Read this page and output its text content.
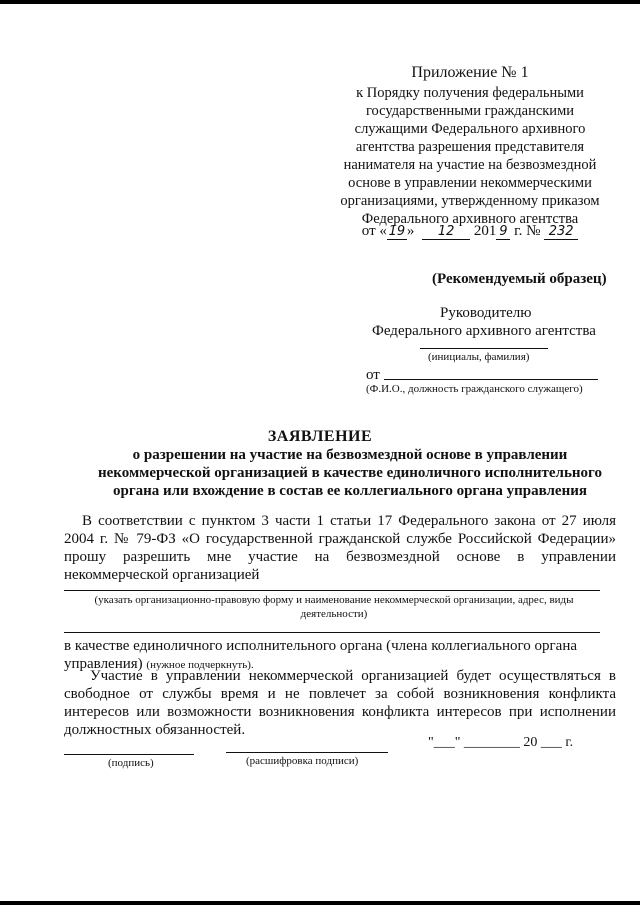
Приложение № 1
к Порядку получения федеральными
государственными гражданскими
служащими Федерального архивного
агентства разрешения представителя
нанимателя на участие на безвозмездной
основе в управлении некоммерческими
организациями, утвержденному приказом
Федерального архивного агентства
от « 19 » 12 201 9 г. № 232
(Рекомендуемый образец)
Руководителю
Федерального архивного агентства
(инициалы, фамилия)
от
(Ф.И.О., должность гражданского служащего)
ЗАЯВЛЕНИЕ
о разрешении на участие на безвозмездной основе в управлении некоммерческой организацией в качестве единоличного исполнительного органа или вхождение в состав ее коллегиального органа управления
В соответствии с пунктом 3 части 1 статьи 17 Федерального закона от 27 июля 2004 г. № 79-ФЗ «О государственной гражданской службе Российской Федерации» прошу разрешить мне участие на безвозмездной основе в управлении некоммерческой организацией
(указать организационно-правовую форму и наименование некоммерческой организации, адрес, виды деятельности)
в качестве единоличного исполнительного органа (члена коллегиального органа управления) (нужное подчеркнуть).
Участие в управлении некоммерческой организацией будет осуществляться в свободное от службы время и не повлечет за собой возникновения конфликта интересов или возможности возникновения конфликта интересов при исполнении должностных обязанностей.
"___" ________ 20 ___ г.
(подпись)	(расшифровка подписи)
